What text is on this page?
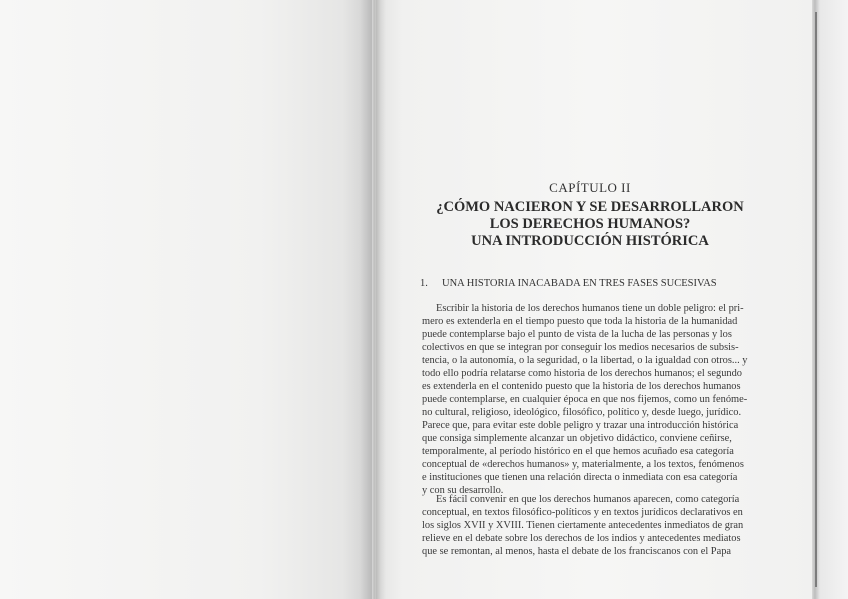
CAPÍTULO II
¿CÓMO NACIERON Y SE DESARROLLARON
LOS DERECHOS HUMANOS?
UNA INTRODUCCIÓN HISTÓRICA
1. UNA HISTORIA INACABADA EN TRES FASES SUCESIVAS
Escribir la historia de los derechos humanos tiene un doble peligro: el pri-
mero es extenderla en el tiempo puesto que toda la historia de la humanidad
puede contemplarse bajo el punto de vista de la lucha de las personas y los
colectivos en que se integran por conseguir los medios necesarios de subsis-
tencia, o la autonomía, o la seguridad, o la libertad, o la igualdad con otros... y
todo ello podría relatarse como historia de los derechos humanos; el segundo
es extenderla en el contenido puesto que la historia de los derechos humanos
puede contemplarse, en cualquier época en que nos fijemos, como un fenóme-
no cultural, religioso, ideológico, filosófico, político y, desde luego, jurídico.
Parece que, para evitar este doble peligro y trazar una introducción histórica
que consiga simplemente alcanzar un objetivo didáctico, conviene ceñirse,
temporalmente, al período histórico en el que hemos acuñado esa categoría
conceptual de «derechos humanos» y, materialmente, a los textos, fenómenos
e instituciones que tienen una relación directa o inmediata con esa categoría
y con su desarrollo.
Es fácil convenir en que los derechos humanos aparecen, como categoría
conceptual, en textos filosófico-políticos y en textos jurídicos declarativos en
los siglos XVII y XVIII. Tienen ciertamente antecedentes inmediatos de gran
relieve en el debate sobre los derechos de los indios y antecedentes mediatos
que se remontan, al menos, hasta el debate de los franciscanos con el Papa
